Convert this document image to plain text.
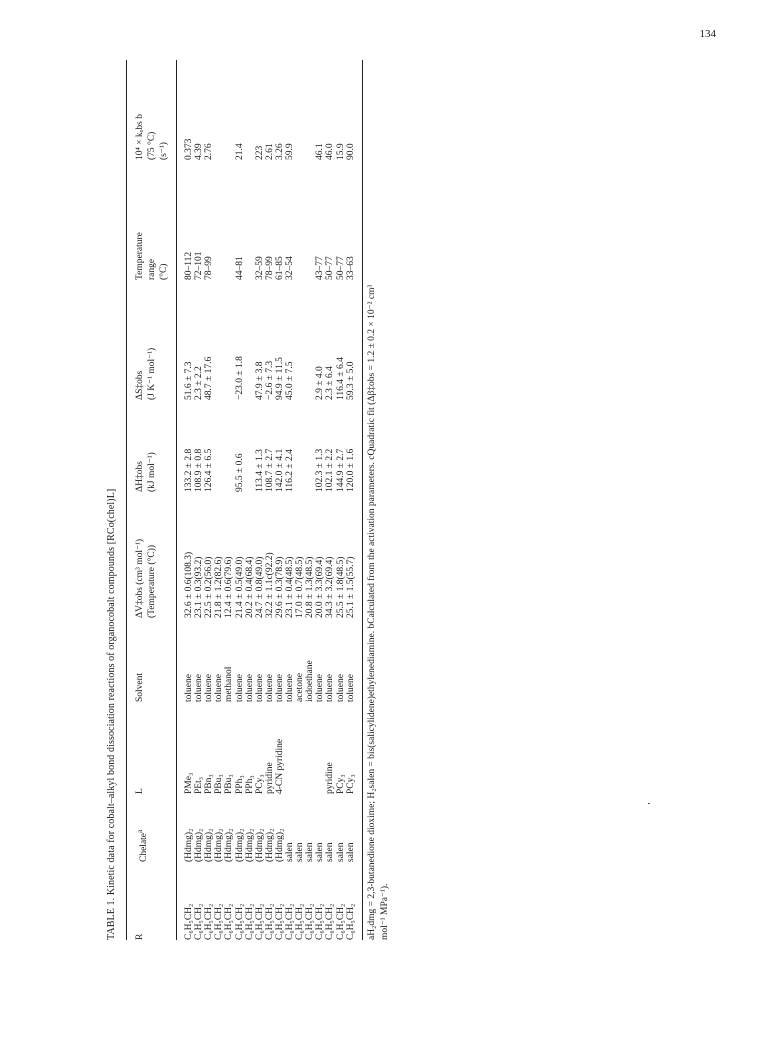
134
TABLE 1. Kinetic data for cobalt–alkyl bond dissociation reactions of organocobalt compounds [RCo(chel)L] R
Chelate$^a$
L
Solvent
ΔV‡obs (cm³ mol⁻¹) (Temperature (°C))
ΔH‡obs (kJ mol⁻¹)
ΔS‡obs (J K⁻¹ mol⁻¹)
Temperature range (°C)
10⁴ × kₒbs b (75 °C) (s⁻¹)
C₆H₅CH₂
(Hdmg)₂
PMe₃
toluene
32.6 ± 0.6(108.3)
133.2 ± 2.8
51.6 ± 7.3
80–112
0.373
C₆H₅CH₂
(Hdmg)₂
PEt₃
toluene
23.1 ± 0.3(93.2)
108.9 ± 0.8
2.3 ± 2.2
72–101
4.39
C₆H₅CH₂
(Hdmg)₂
PBn₃
toluene
22.5 ± 0.2(56.0)
126.4 ± 6.5
48.7 ± 17.6
78–99
2.76
C₆H₅CH₂
(Hdmg)₂
PBu₃
toluene
21.8 ± 1.2(82.6)
C₆H₅CH₂
(Hdmg)₂
PBu₃
methanol
12.4 ± 0.6(79.6)
C₆H₅CH₂
(Hdmg)₂
PPh₃
toluene
21.4 ± 0.5(49.0)
95.5 ± 0.6
−23.0 ± 1.8
44–81
21.4
C₆H₅CH₂
(Hdmg)₂
PPh₃
toluene
20.2 ± 0.4(68.4)
C₆H₅CH₂
(Hdmg)₂
PCy₃
toluene
24.7 ± 0.8(49.0)
113.4 ± 1.3
47.9 ± 3.8
32–59
223
C₆H₅CH₂
(Hdmg)₂
pyridine
toluene
32.2 ± 1.1c(92.2)
108.7 ± 2.7
−2.6 ± 7.3
78–99
2.61
C₆H₅CH₂
(Hdmg)₂
4-CN pyridine
toluene
29.6 ± 0.3(78.9)
142.0 ± 4.1
94.9 ± 11.5
61–85
3.26
C₆H₅CH₂
salen
toluene
23.1 ± 0.4(48.5)
116.2 ± 2.4
45.0 ± 7.5
32–54
59.9
C₆H₅CH₂
salen
acetone
17.0 ± 0.7(48.5)
C₆H₅CH₂
salen
iodoethane
20.8 ± 1.3(48.5)
C₆H₅CH₂
salen
toluene
20.0 ± 3.3(69.4)
102.3 ± 1.3
2.9 ± 4.0
43–77
46.1
C₆H₅CH₂
salen
pyridine
toluene
34.3 ± 3.2(69.4)
102.1 ± 2.2
2.3 ± 6.4
50–77
46.0
C₆H₅CH₂
salen
PCy₃
toluene
25.5 ± 1.8(48.5)
144.9 ± 2.7
116.4 ± 6.4
50–77
15.9
C₆H₅CH₂
salen
PCy₃
toluene
25.1 ± 1.5(55.7)
120.0 ± 1.6
59.3 ± 5.0
33–63
90.0
aH₂dmg = 2,3-butanedione dioxime; H₂salen = bis(salicylidene)ethylenediamine. bCalculated from the activation parameters. cQuadratic fit (Δβ‡obs = 1.2 ± 0.2 × 10⁻² cm³ mol⁻¹ MPa⁻¹).
